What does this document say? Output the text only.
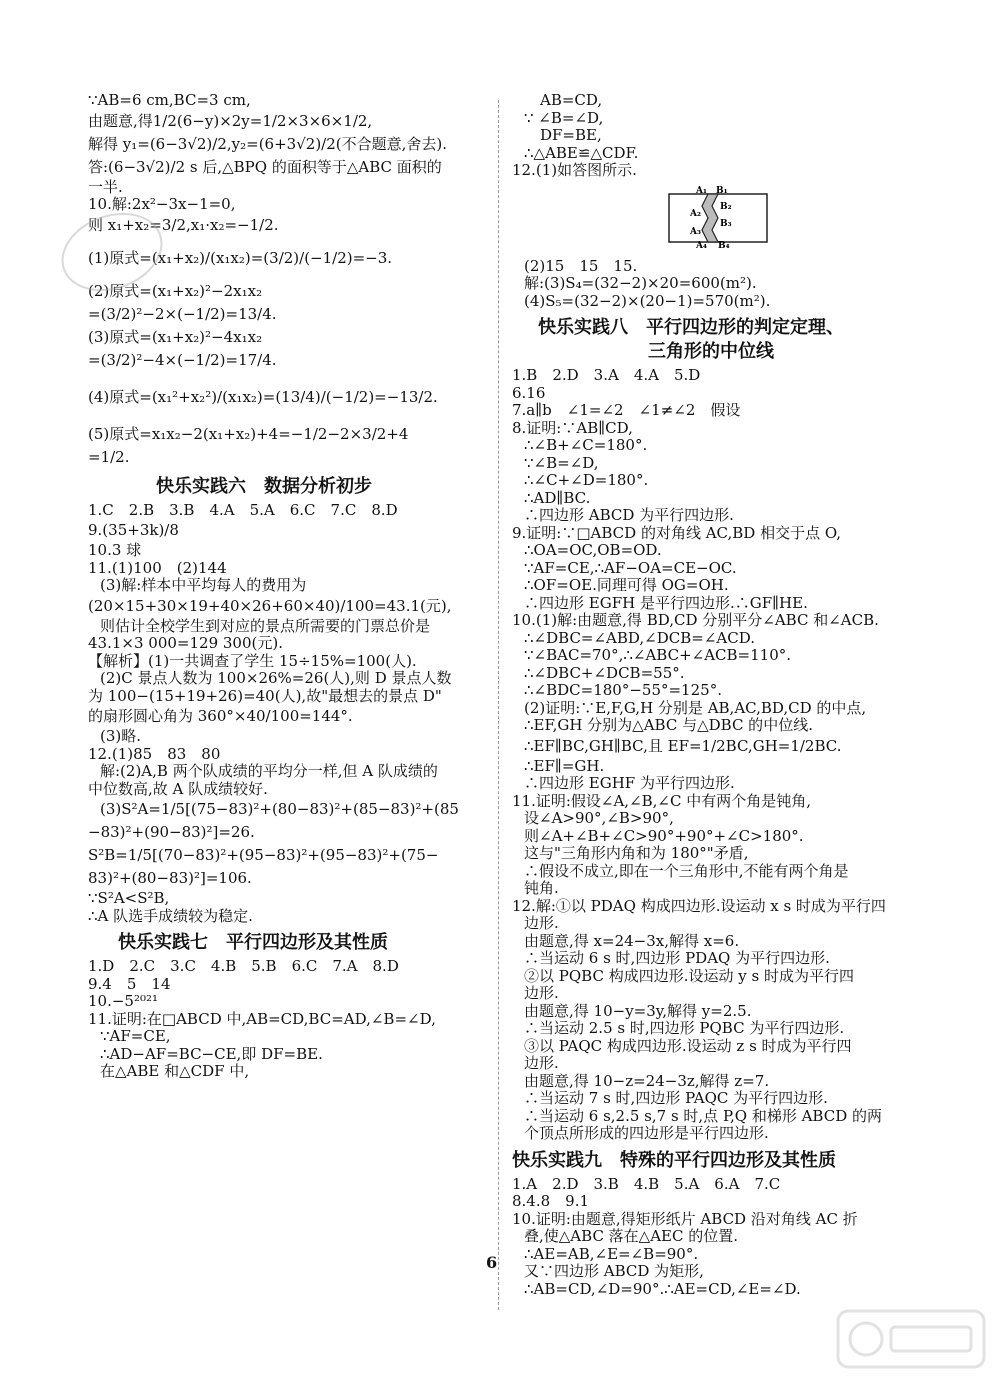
∵AB=6 cm,BC=3 cm,
由题意,得1/2(6−y)×2y=1/2×3×6×1/2,
解得 y₁=(6−3√2)/2,y₂=(6+3√2)/2(不合题意,舍去).
答:(6−3√2)/2 s 后,△BPQ 的面积等于△ABC 面积的
一半.
10.解:2x²−3x−1=0,
则 x₁+x₂=3/2,x₁·x₂=−1/2.
(1)原式=(x₁+x₂)/(x₁x₂)=(3/2)/(−1/2)=−3.
(2)原式=(x₁+x₂)²−2x₁x₂
=(3/2)²−2×(−1/2)=13/4.
(3)原式=(x₁+x₂)²−4x₁x₂
=(3/2)²−4×(−1/2)=17/4.
(4)原式=(x₁²+x₂²)/(x₁x₂)=(13/4)/(−1/2)=−13/2.
(5)原式=x₁x₂−2(x₁+x₂)+4=−1/2−2×3/2+4
=1/2.
快乐实践六　数据分析初步
1.C　2.B　3.B　4.A　5.A　6.C　7.C　8.D
9.(35+3k)/8
10.3 球
11.(1)100　(2)144
(3)解:样本中平均每人的费用为
(20×15+30×19+40×26+60×40)/100=43.1(元),
则估计全校学生到对应的景点所需要的门票总价是
43.1×3 000=129 300(元).
【解析】(1)一共调查了学生 15÷15%=100(人).
(2)C 景点人数为 100×26%=26(人),则 D 景点人数
为 100−(15+19+26)=40(人),故"最想去的景点 D"
的扇形圆心角为 360°×40/100=144°.
(3)略.
12.(1)85　83　80
解:(2)A,B 两个队成绩的平均分一样,但 A 队成绩的
中位数高,故 A 队成绩较好.
(3)S²A=1/5[(75−83)²+(80−83)²+(85−83)²+(85
−83)²+(90−83)²]=26.
S²B=1/5[(70−83)²+(95−83)²+(95−83)²+(75−
83)²+(80−83)²]=106.
∵S²A<S²B,
∴A 队选手成绩较为稳定.
快乐实践七　平行四边形及其性质
1.D　2.C　3.C　4.B　5.B　6.C　7.A　8.D
9.4　5　14
10.−5²⁰²¹
11.证明:在□ABCD 中,AB=CD,BC=AD,∠B=∠D,
∵AF=CE,
∴AD−AF=BC−CE,即 DF=BE.
在△ABE 和△CDF 中,
AB=CD,
∵ ∠B=∠D,
DF=BE,
∴△ABE≌△CDF.
12.(1)如答图所示.
A₁ B₁
A₂
B₂
A₃
B₃
A₄ B₄
(2)15　15　15.
解:(3)S₄=(32−2)×20=600(m²).
(4)S₅=(32−2)×(20−1)=570(m²).
快乐实践八　平行四边形的判定定理、
三角形的中位线
1.B　2.D　3.A　4.A　5.D
6.16
7.a∥b　∠1=∠2　∠1≠∠2　假设
8.证明:∵AB∥CD,
∴∠B+∠C=180°.
∵∠B=∠D,
∴∠C+∠D=180°.
∴AD∥BC.
∴四边形 ABCD 为平行四边形.
9.证明:∵□ABCD 的对角线 AC,BD 相交于点 O,
∴OA=OC,OB=OD.
∵AF=CE,∴AF−OA=CE−OC.
∴OF=OE.同理可得 OG=OH.
∴四边形 EGFH 是平行四边形.∴GF∥HE.
10.(1)解:由题意,得 BD,CD 分别平分∠ABC 和∠ACB.
∴∠DBC=∠ABD,∠DCB=∠ACD.
∵∠BAC=70°,∴∠ABC+∠ACB=110°.
∴∠DBC+∠DCB=55°.
∴∠BDC=180°−55°=125°.
(2)证明:∵E,F,G,H 分别是 AB,AC,BD,CD 的中点,
∴EF,GH 分别为△ABC 与△DBC 的中位线.
∴EF∥BC,GH∥BC,且 EF=1/2BC,GH=1/2BC.
∴EF∥=GH.
∴四边形 EGHF 为平行四边形.
11.证明:假设∠A,∠B,∠C 中有两个角是钝角,
设∠A>90°,∠B>90°,
则∠A+∠B+∠C>90°+90°+∠C>180°.
这与"三角形内角和为 180°"矛盾,
∴假设不成立,即在一个三角形中,不能有两个角是
钝角.
12.解:①以 PDAQ 构成四边形.设运动 x s 时成为平行四
边形.
由题意,得 x=24−3x,解得 x=6.
∴当运动 6 s 时,四边形 PDAQ 为平行四边形.
②以 PQBC 构成四边形.设运动 y s 时成为平行四
边形.
由题意,得 10−y=3y,解得 y=2.5.
∴当运动 2.5 s 时,四边形 PQBC 为平行四边形.
③以 PAQC 构成四边形.设运动 z s 时成为平行四
边形.
由题意,得 10−z=24−3z,解得 z=7.
∴当运动 7 s 时,四边形 PAQC 为平行四边形.
∴当运动 6 s,2.5 s,7 s 时,点 P,Q 和梯形 ABCD 的两
个顶点所形成的四边形是平行四边形.
快乐实践九　特殊的平行四边形及其性质
1.A　2.D　3.B　4.B　5.A　6.A　7.C
8.4.8　9.1
10.证明:由题意,得矩形纸片 ABCD 沿对角线 AC 折
叠,使△ABC 落在△AEC 的位置.
∴AE=AB,∠E=∠B=90°.
又∵四边形 ABCD 为矩形,
∴AB=CD,∠D=90°.∴AE=CD,∠E=∠D.
6
